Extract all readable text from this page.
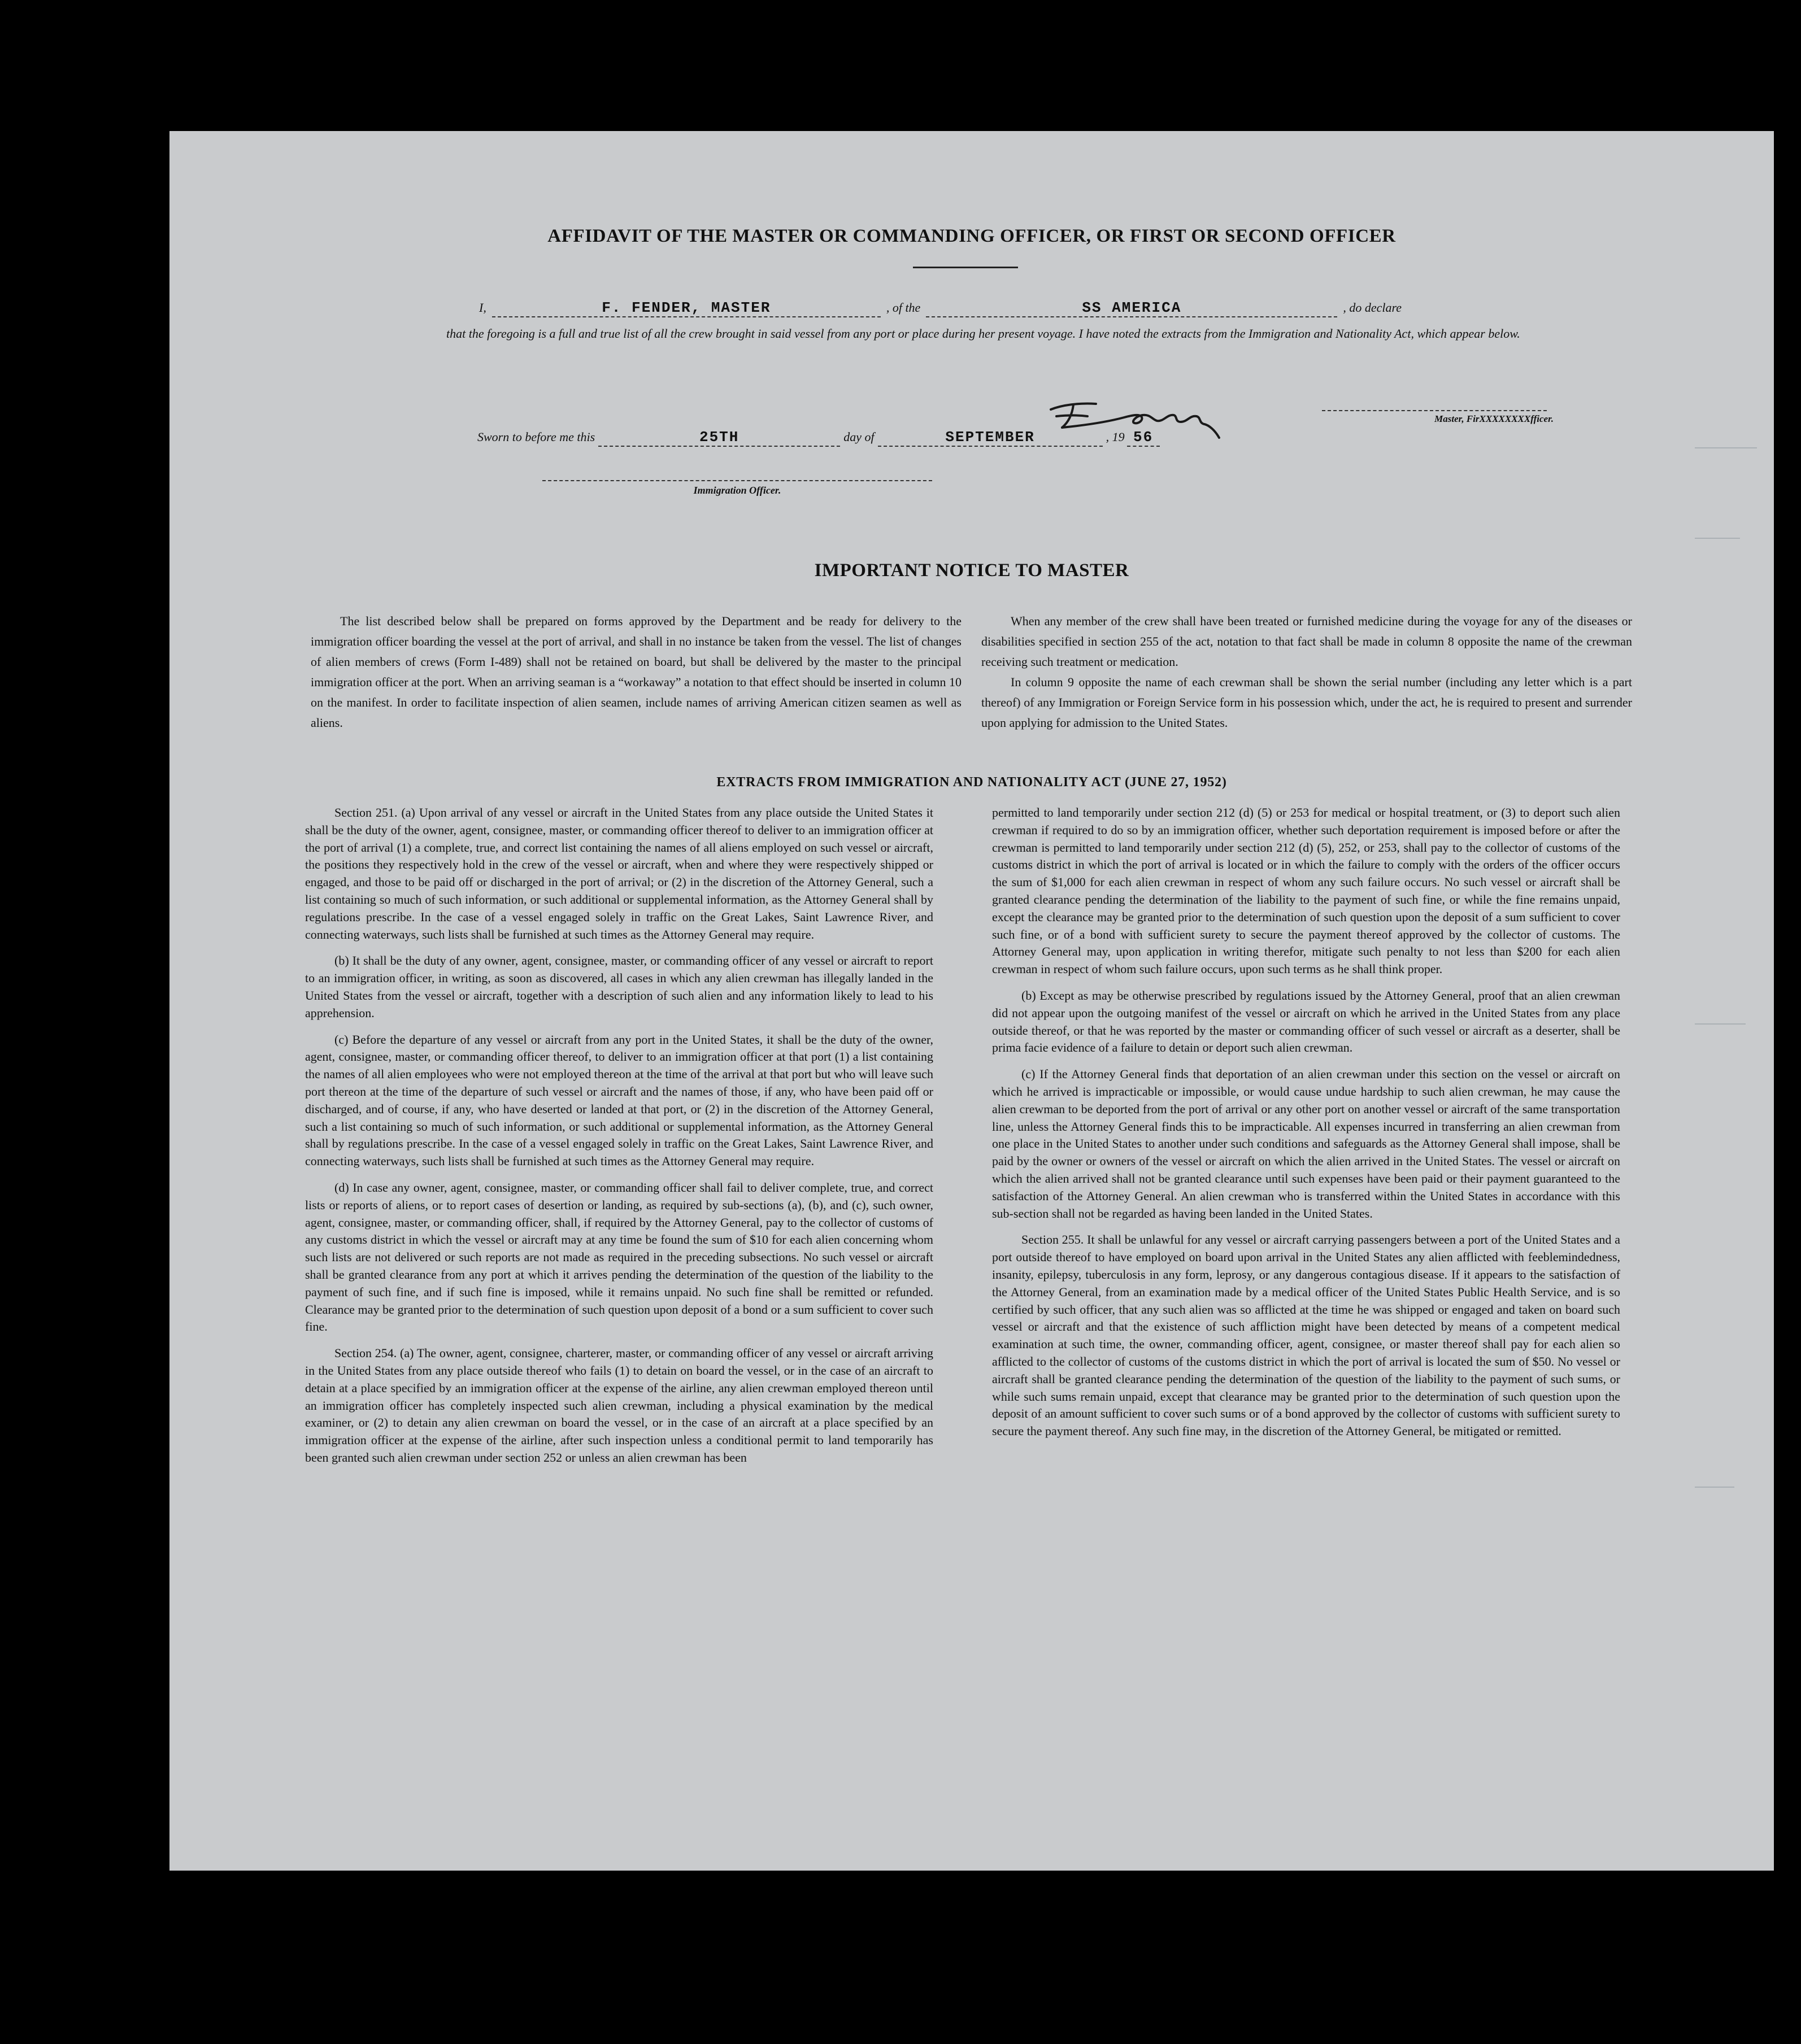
AFFIDAVIT OF THE MASTER OR COMMANDING OFFICER, OR FIRST OR SECOND OFFICER
I,	F. FENDER, MASTER	, of the	SS AMERICA	, do declare
that the foregoing is a full and true list of all the crew brought in said vessel from any port or place during her present voyage. I have noted the extracts from the Immigration and Nationality Act, which appear below.
Master, FirXXXXXXXXfficer.
Sworn to before me this	25TH	day of	SEPTEMBER	, 19 56
Immigration Officer.
IMPORTANT NOTICE TO MASTER

The list described below shall be prepared on forms approved by the Department and be ready for delivery to the immigration officer boarding the vessel at the port of arrival, and shall in no instance be taken from the vessel. The list of changes of alien members of crews (Form I-489) shall not be retained on board, but shall be delivered by the master to the principal immigration officer at the port. When an arriving seaman is a “workaway” a notation to that effect should be inserted in column 10 on the manifest. In order to facilitate inspection of alien seamen, include names of arriving American citizen seamen as well as aliens.

When any member of the crew shall have been treated or furnished medicine during the voyage for any of the diseases or disabilities specified in section 255 of the act, notation to that fact shall be made in column 8 opposite the name of the crewman receiving such treatment or medication.

In column 9 opposite the name of each crewman shall be shown the serial number (including any letter which is a part thereof) of any Immigration or Foreign Service form in his possession which, under the act, he is required to present and surrender upon applying for admission to the United States.

EXTRACTS FROM IMMIGRATION AND NATIONALITY ACT (JUNE 27, 1952)

Section 251. (a) Upon arrival of any vessel or aircraft in the United States from any place outside the United States it shall be the duty of the owner, agent, consignee, master, or commanding officer thereof to deliver to an immigration officer at the port of arrival (1) a complete, true, and correct list containing the names of all aliens employed on such vessel or aircraft, the positions they respectively hold in the crew of the vessel or aircraft, when and where they were respectively shipped or engaged, and those to be paid off or discharged in the port of arrival; or (2) in the discretion of the Attorney General, such a list containing so much of such information, or such additional or supplemental information, as the Attorney General shall by regulations prescribe. In the case of a vessel engaged solely in traffic on the Great Lakes, Saint Lawrence River, and connecting waterways, such lists shall be furnished at such times as the Attorney General may require.

(b) It shall be the duty of any owner, agent, consignee, master, or commanding officer of any vessel or aircraft to report to an immigration officer, in writing, as soon as discovered, all cases in which any alien crewman has illegally landed in the United States from the vessel or aircraft, together with a description of such alien and any information likely to lead to his apprehension.

(c) Before the departure of any vessel or aircraft from any port in the United States, it shall be the duty of the owner, agent, consignee, master, or commanding officer thereof, to deliver to an immigration officer at that port (1) a list containing the names of all alien employees who were not employed thereon at the time of the arrival at that port but who will leave such port thereon at the time of the departure of such vessel or aircraft and the names of those, if any, who have been paid off or discharged, and of course, if any, who have deserted or landed at that port, or (2) in the discretion of the Attorney General, such a list containing so much of such information, or such additional or supplemental information, as the Attorney General shall by regulations prescribe. In the case of a vessel engaged solely in traffic on the Great Lakes, Saint Lawrence River, and connecting waterways, such lists shall be furnished at such times as the Attorney General may require.

(d) In case any owner, agent, consignee, master, or commanding officer shall fail to deliver complete, true, and correct lists or reports of aliens, or to report cases of desertion or landing, as required by sub-sections (a), (b), and (c), such owner, agent, consignee, master, or commanding officer, shall, if required by the Attorney General, pay to the collector of customs of any customs district in which the vessel or aircraft may at any time be found the sum of $10 for each alien concerning whom such lists are not delivered or such reports are not made as required in the preceding subsections. No such vessel or aircraft shall be granted clearance from any port at which it arrives pending the determination of the question of the liability to the payment of such fine, and if such fine is imposed, while it remains unpaid. No such fine shall be remitted or refunded. Clearance may be granted prior to the determination of such question upon deposit of a bond or a sum sufficient to cover such fine.

Section 254. (a) The owner, agent, consignee, charterer, master, or commanding officer of any vessel or aircraft arriving in the United States from any place outside thereof who fails (1) to detain on board the vessel, or in the case of an aircraft to detain at a place specified by an immigration officer at the expense of the airline, any alien crewman employed thereon until an immigration officer has completely inspected such alien crewman, including a physical examination by the medical examiner, or (2) to detain any alien crewman on board the vessel, or in the case of an aircraft at a place specified by an immigration officer at the expense of the airline, after such inspection unless a conditional permit to land temporarily has been granted such alien crewman under section 252 or unless an alien crewman has been

permitted to land temporarily under section 212 (d) (5) or 253 for medical or hospital treatment, or (3) to deport such alien crewman if required to do so by an immigration officer, whether such deportation requirement is imposed before or after the crewman is permitted to land temporarily under section 212 (d) (5), 252, or 253, shall pay to the collector of customs of the customs district in which the port of arrival is located or in which the failure to comply with the orders of the officer occurs the sum of $1,000 for each alien crewman in respect of whom any such failure occurs. No such vessel or aircraft shall be granted clearance pending the determination of the liability to the payment of such fine, or while the fine remains unpaid, except the clearance may be granted prior to the determination of such question upon the deposit of a sum sufficient to cover such fine, or of a bond with sufficient surety to secure the payment thereof approved by the collector of customs. The Attorney General may, upon application in writing therefor, mitigate such penalty to not less than $200 for each alien crewman in respect of whom such failure occurs, upon such terms as he shall think proper.

(b) Except as may be otherwise prescribed by regulations issued by the Attorney General, proof that an alien crewman did not appear upon the outgoing manifest of the vessel or aircraft on which he arrived in the United States from any place outside thereof, or that he was reported by the master or commanding officer of such vessel or aircraft as a deserter, shall be prima facie evidence of a failure to detain or deport such alien crewman.

(c) If the Attorney General finds that deportation of an alien crewman under this section on the vessel or aircraft on which he arrived is impracticable or impossible, or would cause undue hardship to such alien crewman, he may cause the alien crewman to be deported from the port of arrival or any other port on another vessel or aircraft of the same transportation line, unless the Attorney General finds this to be impracticable. All expenses incurred in transferring an alien crewman from one place in the United States to another under such conditions and safeguards as the Attorney General shall impose, shall be paid by the owner or owners of the vessel or aircraft on which the alien arrived in the United States. The vessel or aircraft on which the alien arrived shall not be granted clearance until such expenses have been paid or their payment guaranteed to the satisfaction of the Attorney General. An alien crewman who is transferred within the United States in accordance with this sub-section shall not be regarded as having been landed in the United States.

Section 255. It shall be unlawful for any vessel or aircraft carrying passengers between a port of the United States and a port outside thereof to have employed on board upon arrival in the United States any alien afflicted with feeblemindedness, insanity, epilepsy, tuberculosis in any form, leprosy, or any dangerous contagious disease. If it appears to the satisfaction of the Attorney General, from an examination made by a medical officer of the United States Public Health Service, and is so certified by such officer, that any such alien was so afflicted at the time he was shipped or engaged and taken on board such vessel or aircraft and that the existence of such affliction might have been detected by means of a competent medical examination at such time, the owner, commanding officer, agent, consignee, or master thereof shall pay for each alien so afflicted to the collector of customs of the customs district in which the port of arrival is located the sum of $50. No vessel or aircraft shall be granted clearance pending the determination of the question of the liability to the payment of such sums, or while such sums remain unpaid, except that clearance may be granted prior to the determination of such question upon the deposit of an amount sufficient to cover such sums or of a bond approved by the collector of customs with sufficient surety to secure the payment thereof. Any such fine may, in the discretion of the Attorney General, be mitigated or remitted.
